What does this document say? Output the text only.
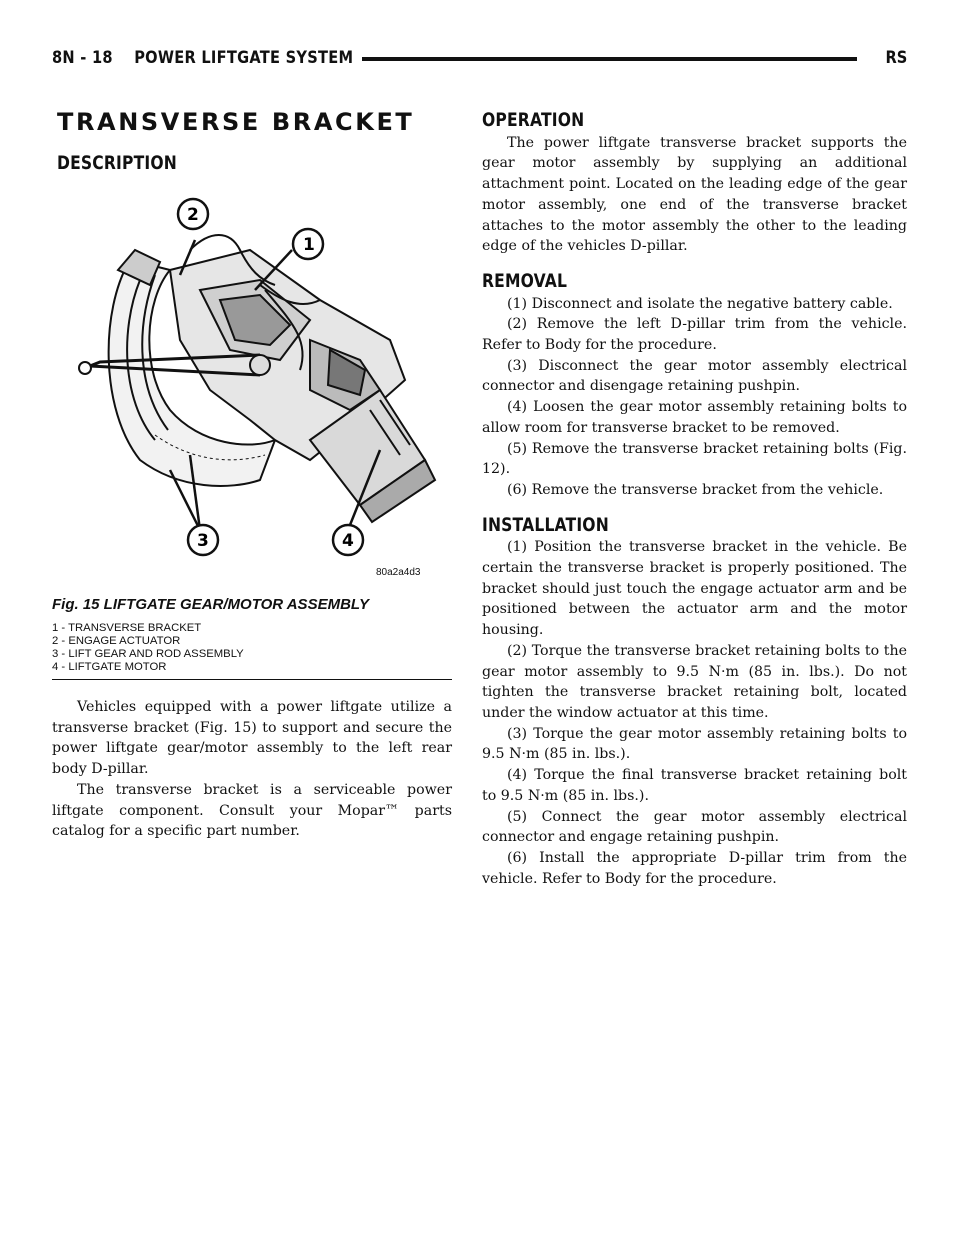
8N - 18 POWER LIFTGATE SYSTEM	RS
TRANSVERSE BRACKET
DESCRIPTION
2
1
3	4
80a2a4d3
Fig. 15 LIFTGATE GEAR/MOTOR ASSEMBLY
1 - TRANSVERSE BRACKET
2 - ENGAGE ACTUATOR
3 - LIFT GEAR AND ROD ASSEMBLY
4 - LIFTGATE MOTOR

Vehicles equipped with a power liftgate utilize a transverse bracket (Fig. 15) to support and secure the power liftgate gear/motor assembly to the left rear body D-pillar.

The transverse bracket is a serviceable power liftgate component. Consult your Mopar™ parts catalog for a specific part number.

OPERATION

The power liftgate transverse bracket supports the gear motor assembly by supplying an additional attachment point. Located on the leading edge of the gear motor assembly, one end of the transverse bracket attaches to the motor assembly the other to the leading edge of the vehicles D-pillar.

REMOVAL

(1) Disconnect and isolate the negative battery cable.

(2) Remove the left D-pillar trim from the vehicle. Refer to Body for the procedure.

(3) Disconnect the gear motor assembly electrical connector and disengage retaining pushpin.

(4) Loosen the gear motor assembly retaining bolts to allow room for transverse bracket to be removed.

(5) Remove the transverse bracket retaining bolts (Fig. 12).

(6) Remove the transverse bracket from the vehicle.

INSTALLATION

(1) Position the transverse bracket in the vehicle. Be certain the transverse bracket is properly positioned. The bracket should just touch the engage actuator arm and be positioned between the actuator arm and the motor housing.

(2) Torque the transverse bracket retaining bolts to the gear motor assembly to 9.5 N·m (85 in. lbs.). Do not tighten the transverse bracket retaining bolt, located under the window actuator at this time.

(3) Torque the gear motor assembly retaining bolts to 9.5 N·m (85 in. lbs.).

(4) Torque the final transverse bracket retaining bolt to 9.5 N·m (85 in. lbs.).

(5) Connect the gear motor assembly electrical connector and engage retaining pushpin.

(6) Install the appropriate D-pillar trim from the vehicle. Refer to Body for the procedure.
